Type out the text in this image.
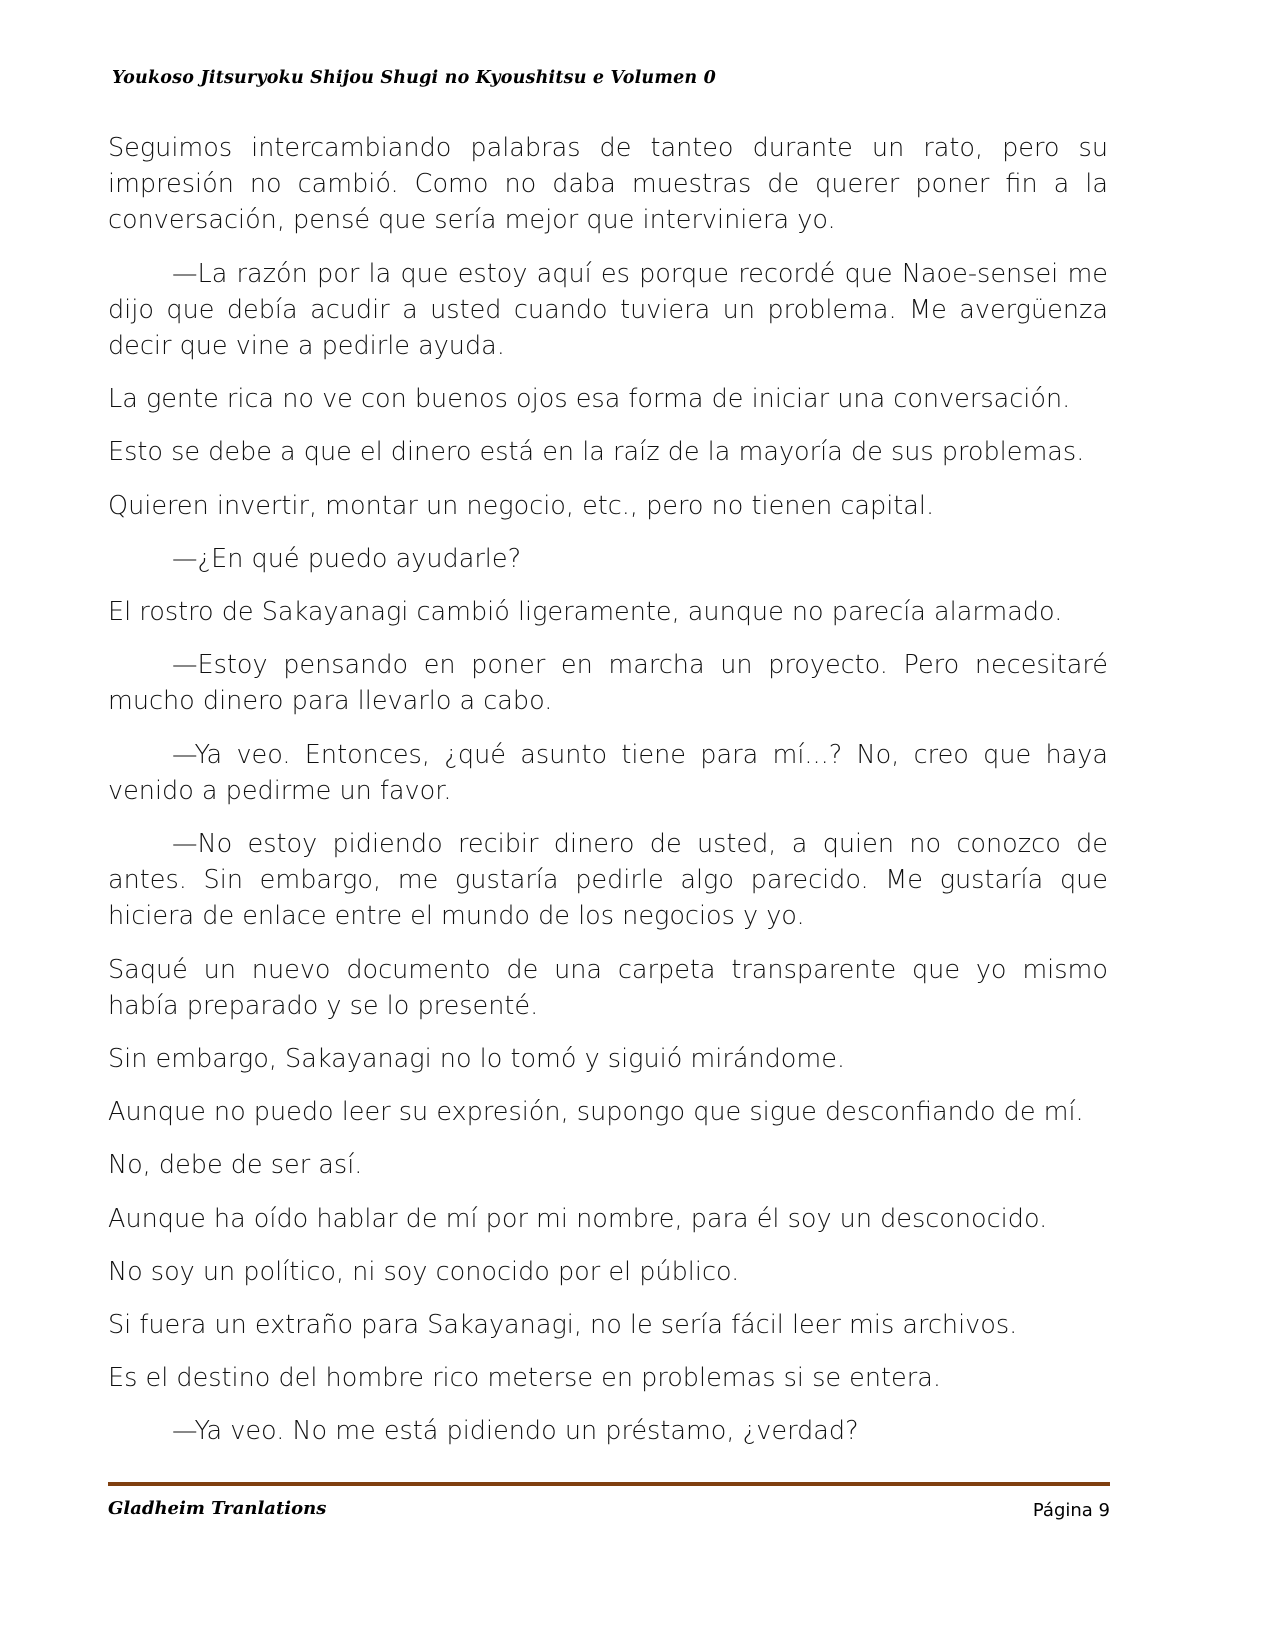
Youkoso Jitsuryoku Shijou Shugi no Kyoushitsu e Volumen 0

Seguimos intercambiando palabras de tanteo durante un rato, pero su impresión no cambió. Como no daba muestras de querer poner fin a la conversación, pensé que sería mejor que interviniera yo.

—La razón por la que estoy aquí es porque recordé que Naoe-sensei me dijo que debía acudir a usted cuando tuviera un problema. Me avergüenza decir que vine a pedirle ayuda.

La gente rica no ve con buenos ojos esa forma de iniciar una conversación.

Esto se debe a que el dinero está en la raíz de la mayoría de sus problemas.

Quieren invertir, montar un negocio, etc., pero no tienen capital.

—¿En qué puedo ayudarle?

El rostro de Sakayanagi cambió ligeramente, aunque no parecía alarmado.

—Estoy pensando en poner en marcha un proyecto. Pero necesitaré mucho dinero para llevarlo a cabo.

—Ya veo. Entonces, ¿qué asunto tiene para mí...? No, creo que haya venido a pedirme un favor.

—No estoy pidiendo recibir dinero de usted, a quien no conozco de antes. Sin embargo, me gustaría pedirle algo parecido. Me gustaría que hiciera de enlace entre el mundo de los negocios y yo.

Saqué un nuevo documento de una carpeta transparente que yo mismo había preparado y se lo presenté.

Sin embargo, Sakayanagi no lo tomó y siguió mirándome.

Aunque no puedo leer su expresión, supongo que sigue desconfiando de mí.

No, debe de ser así.

Aunque ha oído hablar de mí por mi nombre, para él soy un desconocido.

No soy un político, ni soy conocido por el público.

Si fuera un extraño para Sakayanagi, no le sería fácil leer mis archivos.

Es el destino del hombre rico meterse en problemas si se entera.

—Ya veo. No me está pidiendo un préstamo, ¿verdad?

Gladheim Tranlations	Página 9
